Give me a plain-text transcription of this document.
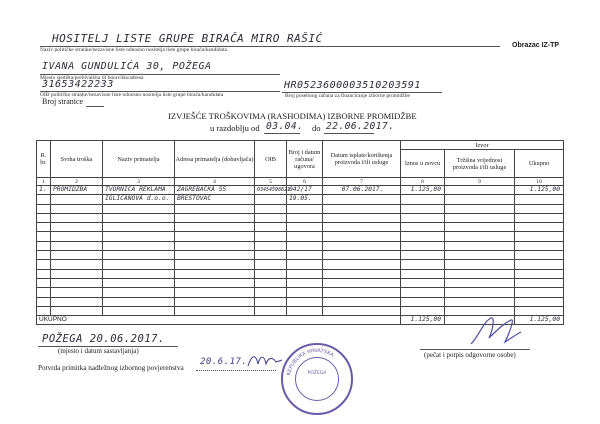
Obrazac IZ-TP
HOSITELJ LISTE GRUPE BIRAČA MIRO RAŠIĆ
Naziv političke stranke/nezavisne liste odnosno nositelja liste grupe birača/kandidata
IVANA GUNDULIĆA 30, POŽEGA
Mjesto sjedišta/prebivališta ili boravišta/adresa
31653422233
OIB političke stranke/nezavisne liste odnosno nositelja liste grupe birača/kandidata
HR0523600003510203591
Broj posebnog računa za financiranje izborne promidžbe
Broj stranice
IZVJEŠĆE TROŠKOVIMA (RASHODIMA) IZBORNE PROMIDŽBE
u razdoblju od 03.04. do 22.06.2017.
R. br.	Svrha troška	Naziv primatelja	Adresa primatelja (dobavljača)	OIB	Broj i datum računa/ ugovora	Datum isplate/korištenja proizvoda i/ili usluge	Izvor		
							Iznos u novcu	Tržišna vrijednost proizvoda i/ili usluge	Ukupno
1	2	3	4	5	6	7	8	9	10
1.	PROMIDŽBA	TVORNICA REKLAMA	ZAGREBAČKA 55	03454598621	042/17	07.06.2017.	1.125,00		1.125,00
		IGLIČANOVA d.o.o.	BRESTOVAC		19.05.				

UKUPNO							1.125,00		1.125,00

POŽEGA 20.06.2017.
(mjesto i datum sastavljanja)	(pečat i potpis odgovorne osobe)
Potvrda primitka nadležnog izbornog povjerenstva
20.6.17.
REPUBLIKA HRVATSKA
POŽEGA
